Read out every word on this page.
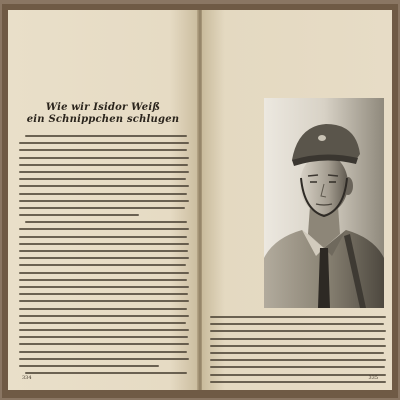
Wie wir Isidor Weiß
ein Schnippchen schlugen
334	335
